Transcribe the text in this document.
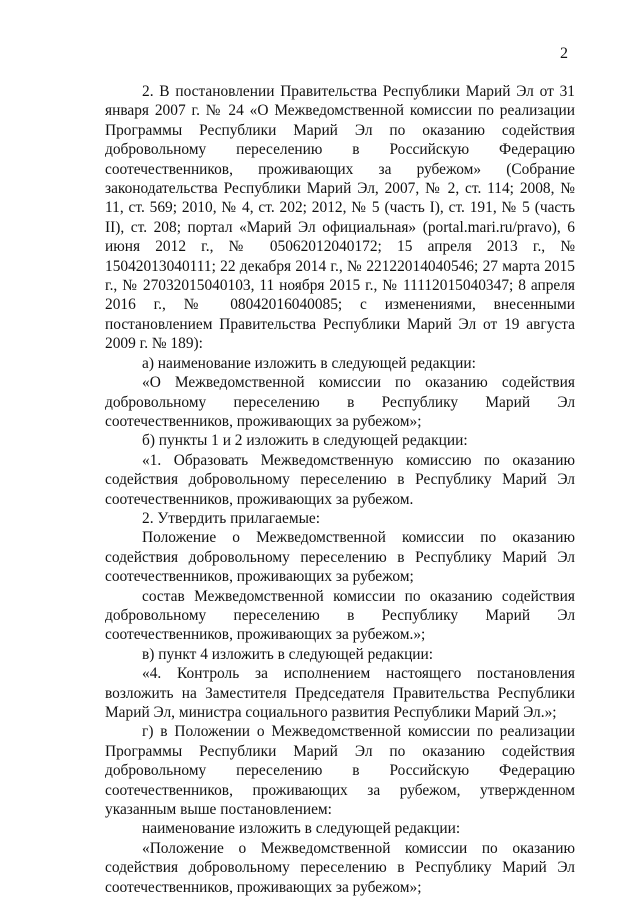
2

2. В постановлении Правительства Республики Марий Эл от 31 января 2007 г. № 24 «О Межведомственной комиссии по реализации Программы Республики Марий Эл по оказанию содействия добровольному переселению в Российскую Федерацию соотечественников, проживающих за рубежом» (Собрание законодательства Республики Марий Эл, 2007, № 2, ст. 114; 2008, № 11, ст. 569; 2010, № 4, ст. 202; 2012, № 5 (часть I), ст. 191, № 5 (часть II), ст. 208; портал «Марий Эл официальная» (portal.mari.ru/pravo), 6 июня 2012 г., № 05062012040172; 15 апреля 2013 г., № 15042013040111; 22 декабря 2014 г., № 22122014040546; 27 марта 2015 г., № 27032015040103, 11 ноября 2015 г., № 11112015040347; 8 апреля 2016 г., № 08042016040085; с изменениями, внесенными постановлением Правительства Республики Марий Эл от 19 августа 2009 г. № 189):

а) наименование изложить в следующей редакции:

«О Межведомственной комиссии по оказанию содействия добровольному переселению в Республику Марий Эл соотечественников, проживающих за рубежом»;

б) пункты 1 и 2 изложить в следующей редакции:

«1. Образовать Межведомственную комиссию по оказанию содействия добровольному переселению в Республику Марий Эл соотечественников, проживающих за рубежом.

2. Утвердить прилагаемые:

Положение о Межведомственной комиссии по оказанию содействия добровольному переселению в Республику Марий Эл соотечественников, проживающих за рубежом;

состав Межведомственной комиссии по оказанию содействия добровольному переселению в Республику Марий Эл соотечественников, проживающих за рубежом.»;

в) пункт 4 изложить в следующей редакции:

«4. Контроль за исполнением настоящего постановления возложить на Заместителя Председателя Правительства Республики Марий Эл, министра социального развития Республики Марий Эл.»;

г) в Положении о Межведомственной комиссии по реализации Программы Республики Марий Эл по оказанию содействия добровольному переселению в Российскую Федерацию соотечественников, проживающих за рубежом, утвержденном указанным выше постановлением:

наименование изложить в следующей редакции:

«Положение о Межведомственной комиссии по оказанию содействия добровольному переселению в Республику Марий Эл соотечественников, проживающих за рубежом»;
